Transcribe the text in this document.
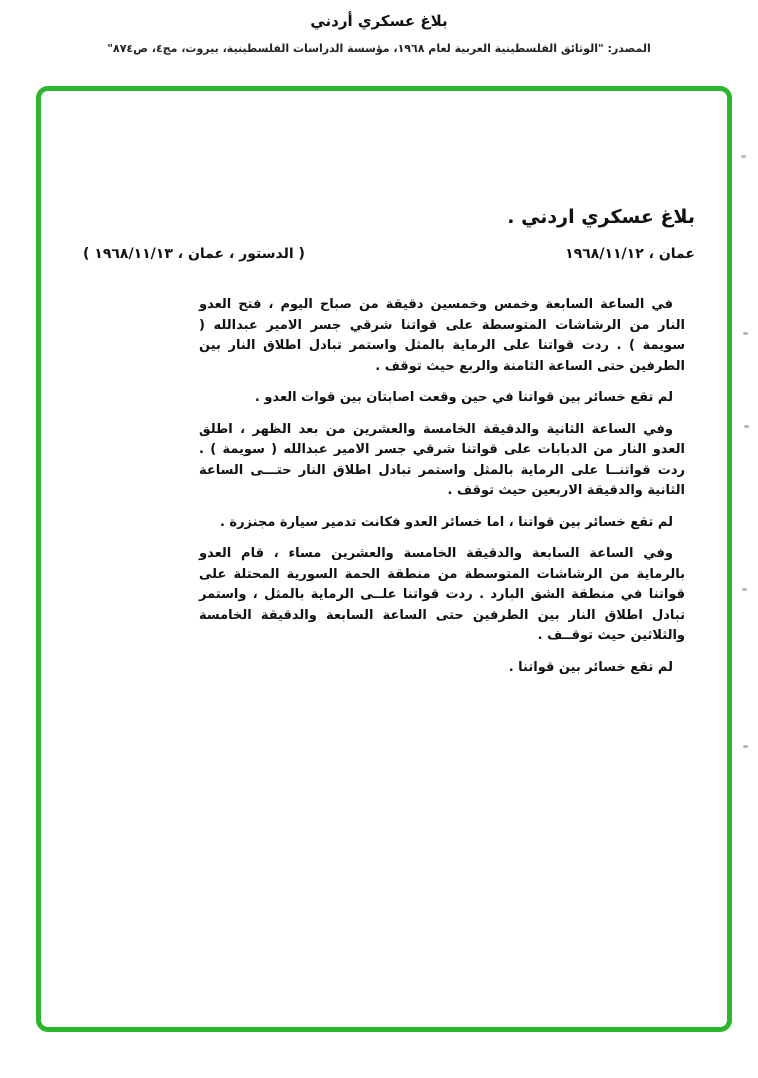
بلاغ عسكري أردني
المصدر: "الوثائق الفلسطينية العربية لعام ١٩٦٨، مؤسسة الدراسات الفلسطينية، بيروت، مج٤، ص٨٧٤"
بلاغ عسكري اردني .
عمان ، ١٩٦٨/١١/١٢
( الدستور ، عمان ، ١٩٦٨/١١/١٣ )

في الساعة السابعة وخمس وخمسين دقيقة من صباح اليوم ، فتح العدو النار من الرشاشات المتوسطة على قواتنا شرقي جسر الامير عبدالله ( سويمة ) . ردت قواتنا على الرماية بالمثل واستمر تبادل اطلاق النار بين الطرفين حتى الساعة الثامنة والربع حيث توقف .

لم تقع خسائر بين قواتنا في حين وقعت اصابتان بين قوات العدو .

وفي الساعة الثانية والدقيقة الخامسة والعشرين من بعد الظهر ، اطلق العدو النار من الدبابات على قواتنا شرقي جسر الامير عبدالله ( سويمة ) . ردت قواتنــا على الرماية بالمثل واستمر تبادل اطلاق النار حتـــى الساعة الثانية والدقيقة الاربعين حيث توقف .

لم تقع خسائر بين قواتنا ، اما خسائر العدو فكانت تدمير سيارة مجنزرة .

وفي الساعة السابعة والدقيقة الخامسة والعشرين مساء ، قام العدو بالرماية من الرشاشات المتوسطة من منطقة الحمة السورية المحتلة على قواتنا في منطقة الشق البارد . ردت قواتنا علــى الرماية بالمثل ، واستمر تبادل اطلاق النار بين الطرفين حتى الساعة السابعة والدقيقة الخامسة والثلاثين حيث توقــف .

لم تقع خسائر بين قواتنا .
